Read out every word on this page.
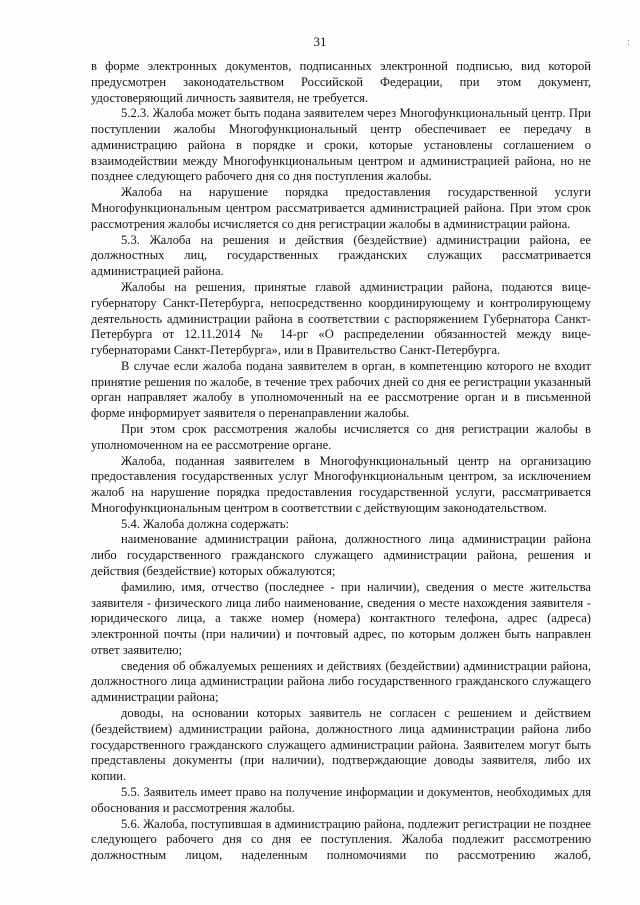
31	:

в форме электронных документов, подписанных электронной подписью, вид которой предусмотрен законодательством Российской Федерации, при этом документ, удостоверяющий личность заявителя, не требуется.

5.2.3. Жалоба может быть подана заявителем через Многофункциональный центр. При поступлении жалобы Многофункциональный центр обеспечивает ее передачу в администрацию района в порядке и сроки, которые установлены соглашением о взаимодействии между Многофункциональным центром и администрацией района, но не позднее следующего рабочего дня со дня поступления жалобы.

Жалоба на нарушение порядка предоставления государственной услуги Многофункциональным центром рассматривается администрацией района. При этом срок рассмотрения жалобы исчисляется со дня регистрации жалобы в администрации района.

5.3. Жалоба на решения и действия (бездействие) администрации района, ее должностных лиц, государственных гражданских служащих рассматривается администрацией района.

Жалобы на решения, принятые главой администрации района, подаются вице-губернатору Санкт-Петербурга, непосредственно координирующему и контролирующему деятельность администрации района в соответствии с распоряжением Губернатора Санкт-Петербурга от 12.11.2014 № 14-рг «О распределении обязанностей между вице-губернаторами Санкт-Петербурга», или в Правительство Санкт-Петербурга.

В случае если жалоба подана заявителем в орган, в компетенцию которого не входит принятие решения по жалобе, в течение трех рабочих дней со дня ее регистрации указанный орган направляет жалобу в уполномоченный на ее рассмотрение орган и в письменной форме информирует заявителя о перенаправлении жалобы.

При этом срок рассмотрения жалобы исчисляется со дня регистрации жалобы в уполномоченном на ее рассмотрение органе.

Жалоба, поданная заявителем в Многофункциональный центр на организацию предоставления государственных услуг Многофункциональным центром, за исключением жалоб на нарушение порядка предоставления государственной услуги, рассматривается Многофункциональным центром в соответствии с действующим законодательством.

5.4. Жалоба должна содержать:

наименование администрации района, должностного лица администрации района либо государственного гражданского служащего администрации района, решения и действия (бездействие) которых обжалуются;

фамилию, имя, отчество (последнее - при наличии), сведения о месте жительства заявителя - физического лица либо наименование, сведения о месте нахождения заявителя - юридического лица, а также номер (номера) контактного телефона, адрес (адреса) электронной почты (при наличии) и почтовый адрес, по которым должен быть направлен ответ заявителю;

сведения об обжалуемых решениях и действиях (бездействии) администрации района, должностного лица администрации района либо государственного гражданского служащего администрации района;

доводы, на основании которых заявитель не согласен с решением и действием (бездействием) администрации района, должностного лица администрации района либо государственного гражданского служащего администрации района. Заявителем могут быть представлены документы (при наличии), подтверждающие доводы заявителя, либо их копии.

5.5. Заявитель имеет право на получение информации и документов, необходимых для обоснования и рассмотрения жалобы.

5.6. Жалоба, поступившая в администрацию района, подлежит регистрации не позднее следующего рабочего дня со дня ее поступления. Жалоба подлежит рассмотрению должностным лицом, наделенным полномочиями по рассмотрению жалоб,
